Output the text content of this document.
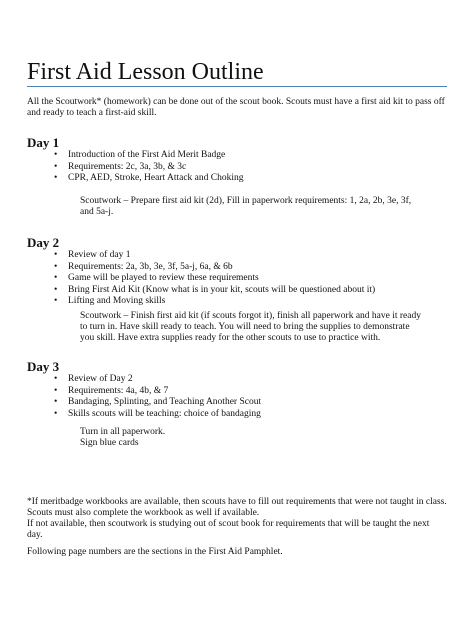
First Aid Lesson Outline

All the Scoutwork* (homework) can be done out of the scout book. Scouts must have a first aid kit to pass off and ready to teach a first-aid skill.

Day 1
• Introduction of the First Aid Merit Badge
• Requirements: 2c, 3a, 3b, & 3c
• CPR, AED, Stroke, Heart Attack and Choking

Scoutwork – Prepare first aid kit (2d), Fill in paperwork requirements: 1, 2a, 2b, 3e, 3f, and 5a-j.

Day 2
• Review of day 1
• Requirements: 2a, 3b, 3e, 3f, 5a-j, 6a, & 6b
• Game will be played to review these requirements
• Bring First Aid Kit (Know what is in your kit, scouts will be questioned about it)
• Lifting and Moving skills

Scoutwork – Finish first aid kit (if scouts forgot it), finish all paperwork and have it ready to turn in. Have skill ready to teach. You will need to bring the supplies to demonstrate you skill. Have extra supplies ready for the other scouts to use to practice with.

Day 3
• Review of Day 2
• Requirements: 4a, 4b, & 7
• Bandaging, Splinting, and Teaching Another Scout
• Skills scouts will be teaching: choice of bandaging

Turn in all paperwork.

Sign blue cards

*If meritbadge workbooks are available, then scouts have to fill out requirements that were not taught in class. Scouts must also complete the workbook as well if available.

If not available, then scoutwork is studying out of scout book for requirements that will be taught the next day.

Following page numbers are the sections in the First Aid Pamphlet.
